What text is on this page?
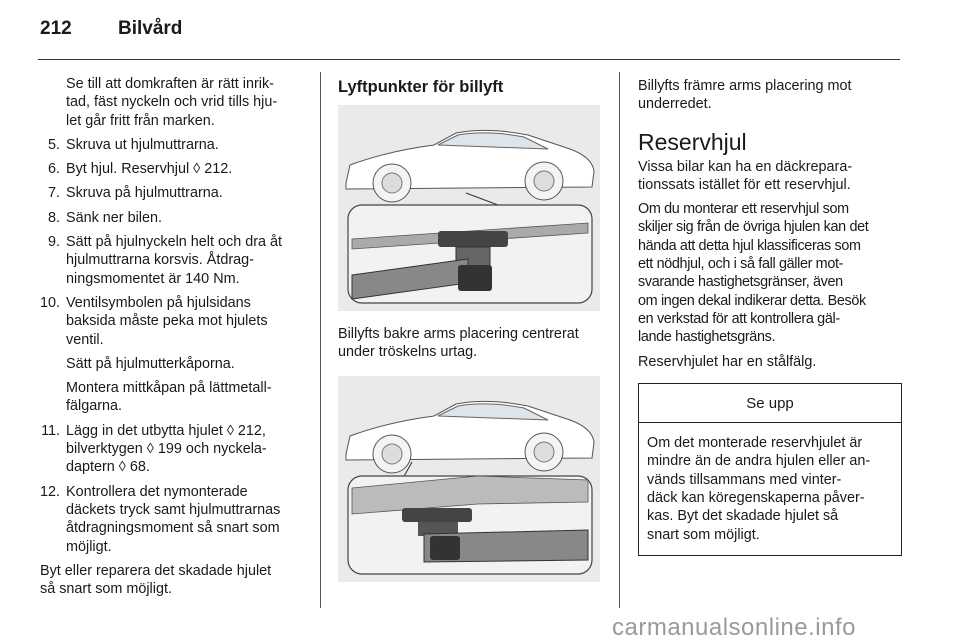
212 Bilvård
Se till att domkraften är rätt inrik-
tad, fäst nyckeln och vrid tills hju-
let går fritt från marken.
5. Skruva ut hjulmuttrarna.
6. Byt hjul. Reservhjul ◊ 212.
7. Skruva på hjulmuttrarna.
8. Sänk ner bilen.
9. Sätt på hjulnyckeln helt och dra åt
hjulmuttrarna korsvis. Åtdrag-
ningsmomentet är 140 Nm.
10. Ventilsymbolen på hjulsidans
baksida måste peka mot hjulets
ventil.
Sätt på hjulmutterkåporna.
Montera mittkåpan på lättmetall-
fälgarna.
11. Lägg in det utbytta hjulet ◊ 212,
bilverktygen ◊ 199 och nyckela-
daptern ◊ 68.
12. Kontrollera det nymonterade
däckets tryck samt hjulmuttrarnas
åtdragningsmoment så snart som
möjligt.
Byt eller reparera det skadade hjulet
så snart som möjligt.
Lyftpunkter för billyft
Billyfts bakre arms placering centrerat
under tröskelns urtag.
Billyfts främre arms placering mot
underredet.
Reservhjul
Vissa bilar kan ha en däckrepara-
tionssats istället för ett reservhjul.
Om du monterar ett reservhjul som
skiljer sig från de övriga hjulen kan det
hända att detta hjul klassificeras som
ett nödhjul, och i så fall gäller mot-
svarande hastighetsgränser, även
om ingen dekal indikerar detta. Besök
en verkstad för att kontrollera gäl-
lande hastighetsgräns.
Reservhjulet har en stålfälg.
Se upp
Om det monterade reservhjulet är
mindre än de andra hjulen eller an-
vänds tillsammans med vinter-
däck kan köregenskaperna påver-
kas. Byt det skadade hjulet så
snart som möjligt.
carmanualsonline.info
